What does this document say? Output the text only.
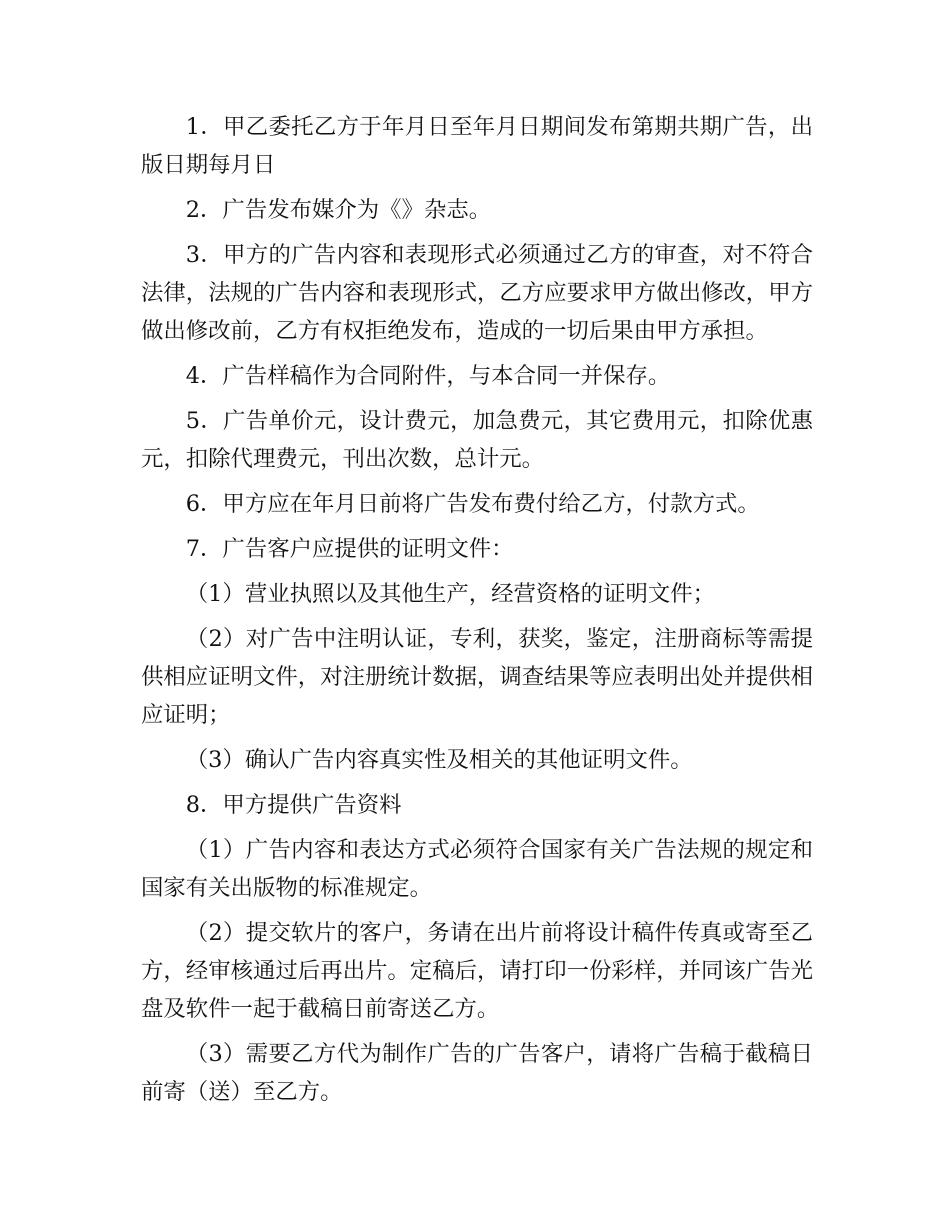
1．甲乙委托乙方于年月日至年月日期间发布第期共期广告，出版日期每月日

2．广告发布媒介为《》杂志。

3．甲方的广告内容和表现形式必须通过乙方的审查，对不符合法律，法规的广告内容和表现形式，乙方应要求甲方做出修改，甲方做出修改前，乙方有权拒绝发布，造成的一切后果由甲方承担。

4．广告样稿作为合同附件，与本合同一并保存。

5．广告单价元，设计费元，加急费元，其它费用元，扣除优惠元，扣除代理费元，刊出次数，总计元。

6．甲方应在年月日前将广告发布费付给乙方，付款方式。

7．广告客户应提供的证明文件：

（1）营业执照以及其他生产，经营资格的证明文件；

（2）对广告中注明认证，专利，获奖，鉴定，注册商标等需提供相应证明文件，对注册统计数据，调查结果等应表明出处并提供相应证明；

（3）确认广告内容真实性及相关的其他证明文件。

8．甲方提供广告资料

（1）广告内容和表达方式必须符合国家有关广告法规的规定和国家有关出版物的标准规定。

（2）提交软片的客户，务请在出片前将设计稿件传真或寄至乙方，经审核通过后再出片。定稿后，请打印一份彩样，并同该广告光盘及软件一起于截稿日前寄送乙方。

（3）需要乙方代为制作广告的广告客户，请将广告稿于截稿日前寄（送）至乙方。
